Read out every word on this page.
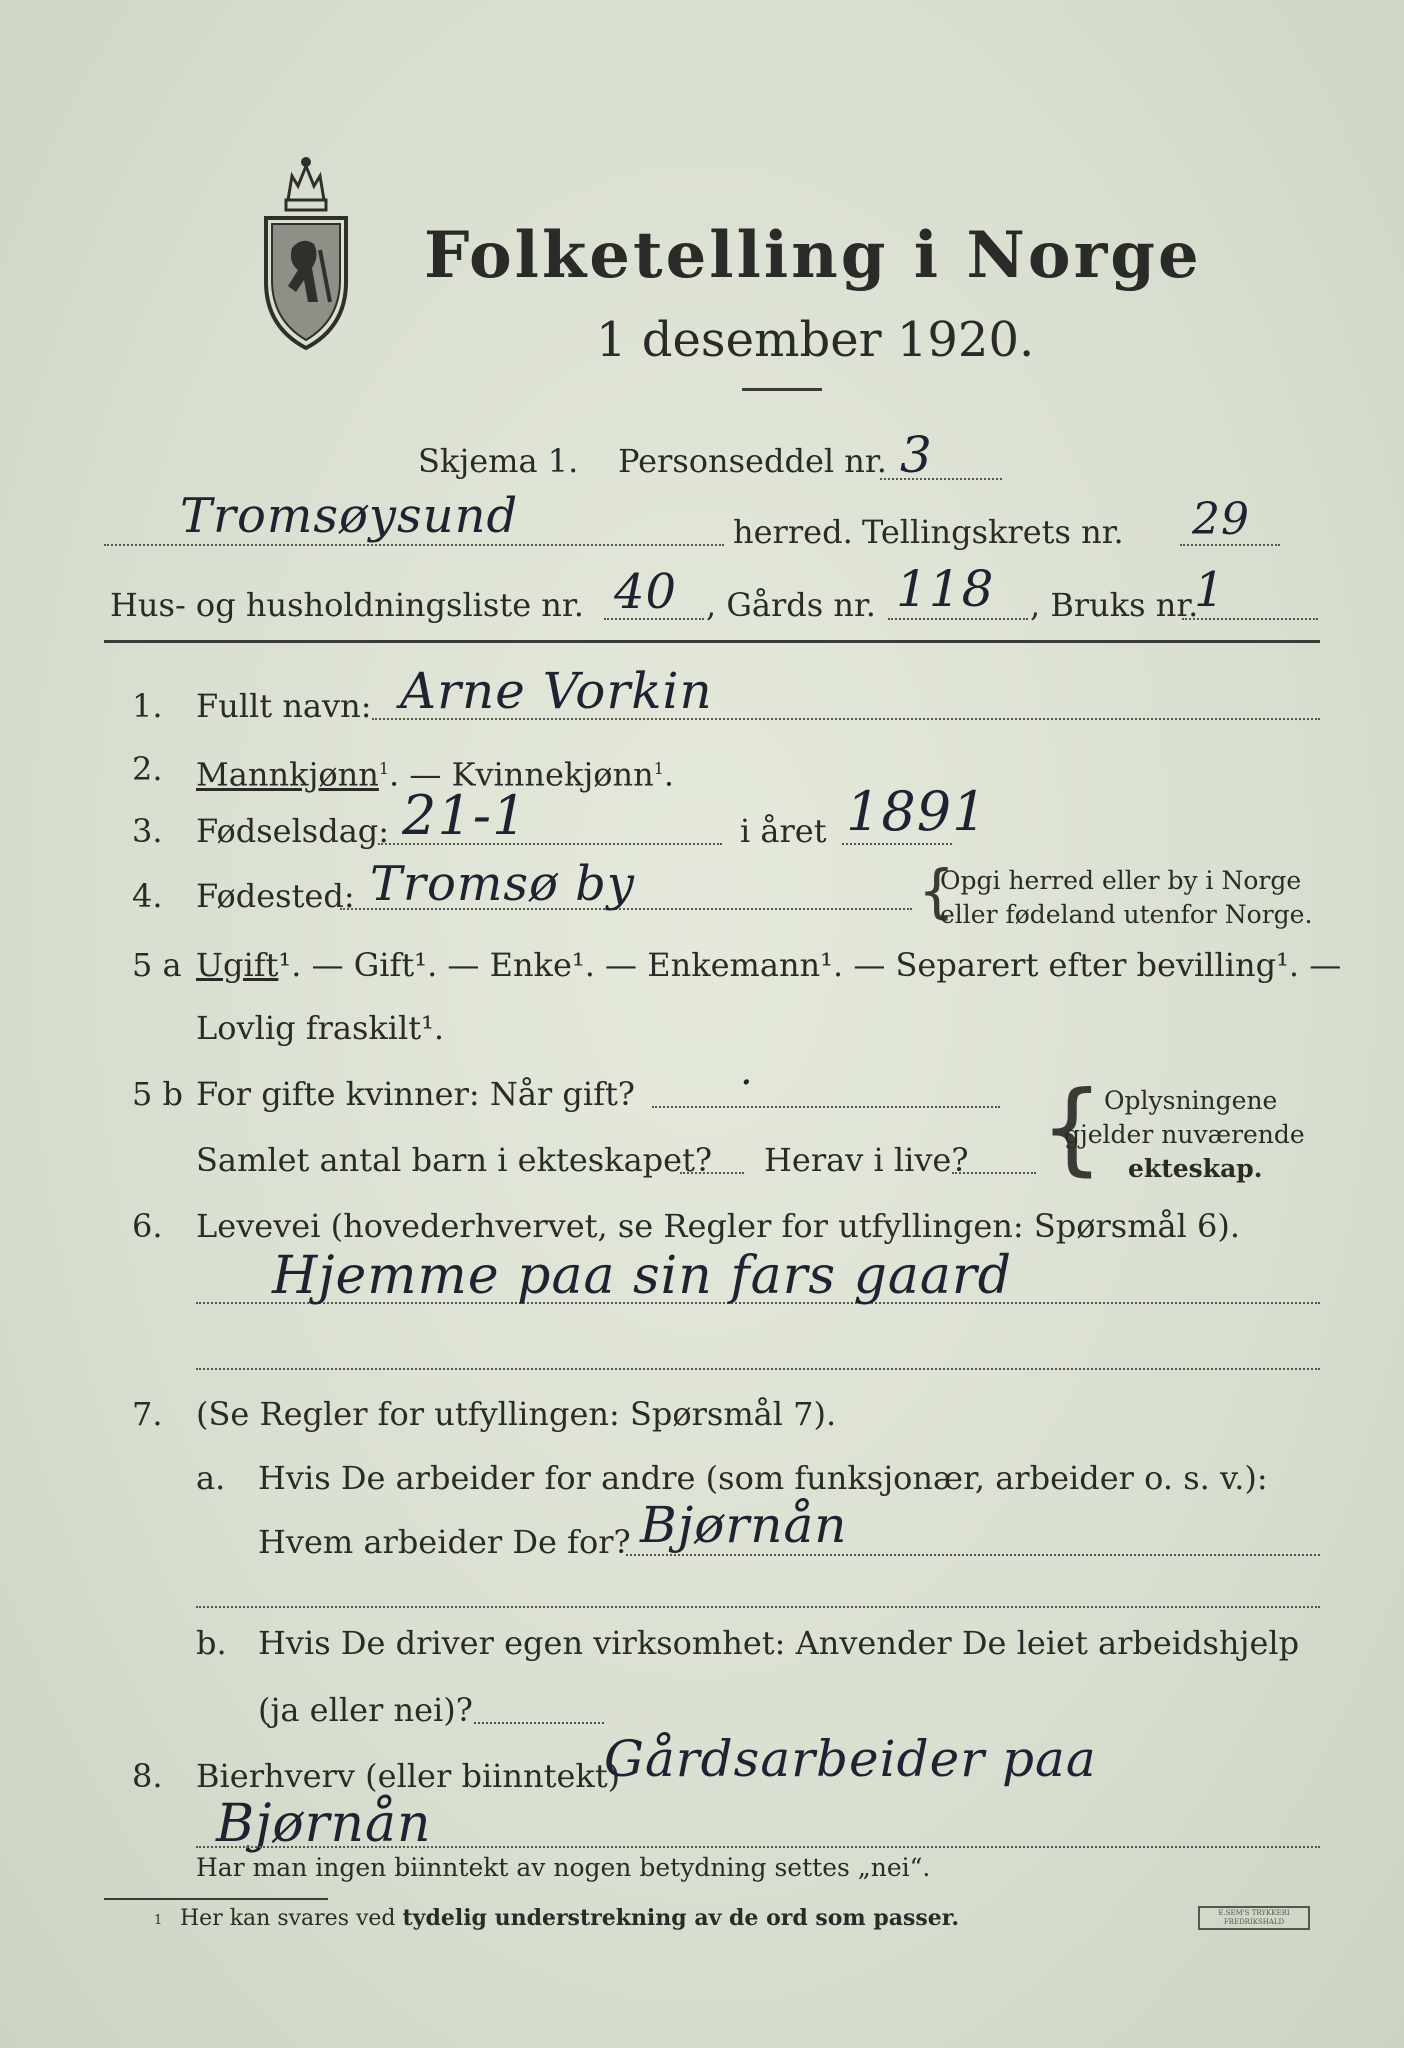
Folketelling i Norge
1 desember 1920.
Skjema 1. Personseddel nr. 3
Tromsøysund	herred. Tellingskrets nr. 29
Hus- og husholdningsliste nr. 40 , Gårds nr. 118 , Bruks nr.
1
1. Fullt navn: Arne Vorkin
2. Mannkjønn$^1$. — Kvinnekjønn$^1$.
3. Fødselsdag: 21-1	i året 1891
4. Fødested: Tromsø by	{
Opgi herred eller by i Norge
eller fødeland utenfor Norge.
5 a Ugift¹. — Gift¹. — Enke¹. — Enkemann¹. — Separert efter bevilling¹. —
Lovlig fraskilt¹.
5 b For gifte kvinner: Når gift?	·
Samlet antal barn i ekteskapet? Herav i live? { Oplysningene
gjelder nuværende
ekteskap.
6. Levevei (hovederhvervet, se Regler for utfyllingen: Spørsmål 6).
Hjemme paa sin fars gaard
7. (Se Regler for utfyllingen: Spørsmål 7).
a. Hvis De arbeider for andre (som funksjonær, arbeider o. s. v.):
Hvem arbeider De for? Bjørnån
b. Hvis De driver egen virksomhet: Anvender De leiet arbeidshjelp
(ja eller nei)?
8. Bierhverv (eller biinntekt)
Gårdsarbeider paa
Bjørnån
Har man ingen biinntekt av nogen betydning settes „nei“.
1 Her kan svares ved tydelig understrekning av de ord som passer.	E.SEM'S TRYKKERI
FREDRIKSHALD
